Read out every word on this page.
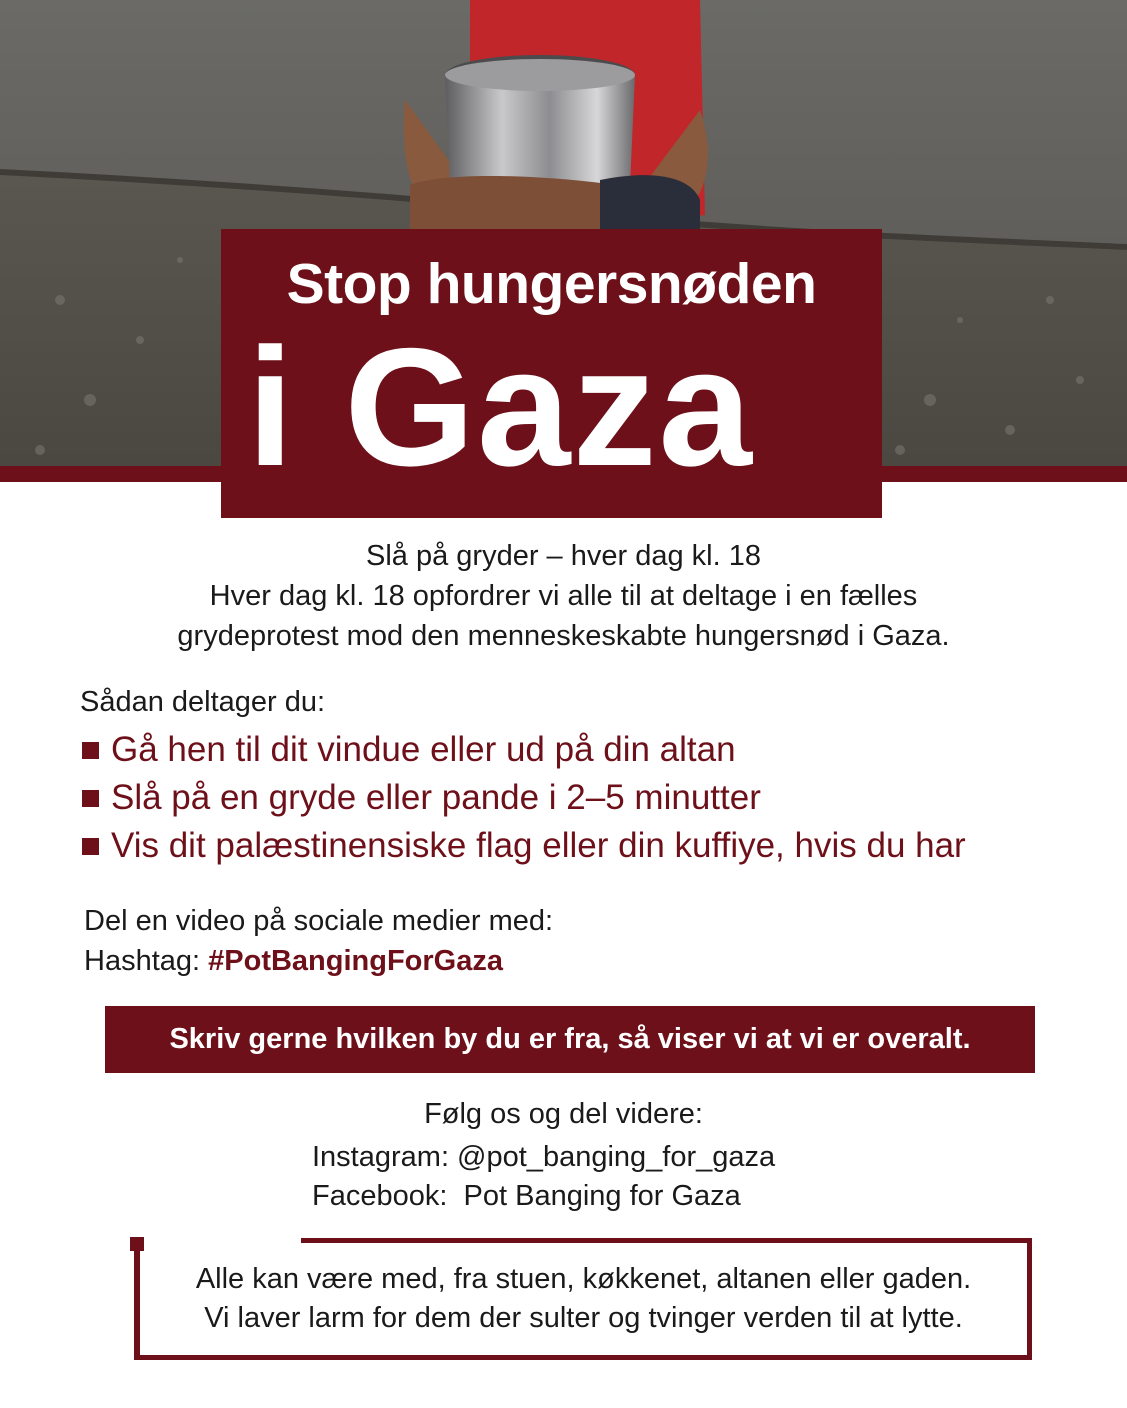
Stop hungersnøden
i Gaza
Slå på gryder – hver dag kl. 18
Hver dag kl. 18 opfordrer vi alle til at deltage i en fælles
grydeprotest mod den menneskeskabte hungersnød i Gaza.
Sådan deltager du:
Gå hen til dit vindue eller ud på din altan
Slå på en gryde eller pande i 2–5 minutter
Vis dit palæstinensiske flag eller din kuffiye, hvis du har
Del en video på sociale medier med:
Hashtag: #PotBangingForGaza
Skriv gerne hvilken by du er fra, så viser vi at vi er overalt.
Følg os og del videre:
Instagram: @pot_banging_for_gaza
Facebook:  Pot Banging for Gaza
Alle kan være med, fra stuen, køkkenet, altanen eller gaden.
Vi laver larm for dem der sulter og tvinger verden til at lytte.
